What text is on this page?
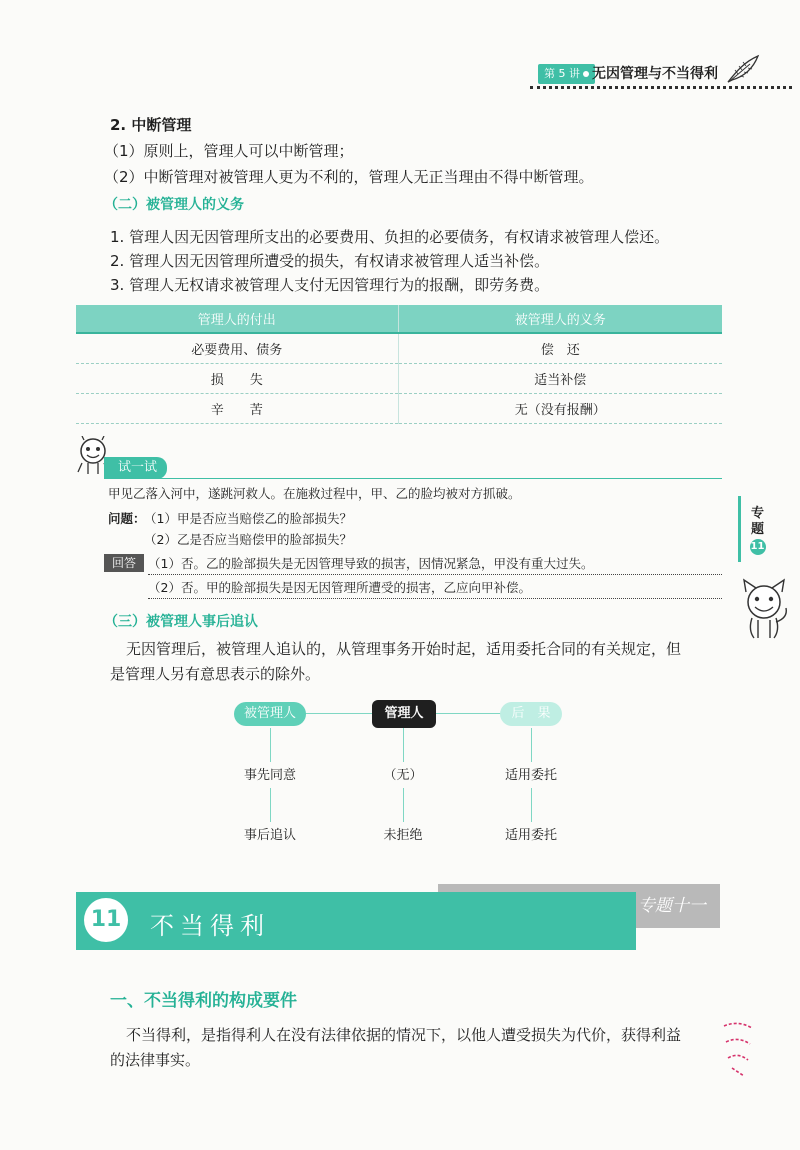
第 5 讲 无因管理与不当得利
2. 中断管理
（1）原则上，管理人可以中断管理；
（2）中断管理对被管理人更为不利的，管理人无正当理由不得中断管理。
（二）被管理人的义务
1. 管理人因无因管理所支出的必要费用、负担的必要债务，有权请求被管理人偿还。
2. 管理人因无因管理所遭受的损失，有权请求被管理人适当补偿。
3. 管理人无权请求被管理人支付无因管理行为的报酬，即劳务费。
管理人的付出	被管理人的义务
必要费用、债务	偿　还
损　　失	适当补偿
辛　　苦	无（没有报酬）
试一试
甲见乙落入河中，遂跳河救人。在施救过程中，甲、乙的脸均被对方抓破。
问题：
（1）甲是否应当赔偿乙的脸部损失？
（2）乙是否应当赔偿甲的脸部损失？
回答 （1）否。乙的脸部损失是无因管理导致的损害，因情况紧急，甲没有重大过失。
（2）否。甲的脸部损失是因无因管理所遭受的损害，乙应向甲补偿。
专题
11
（三）被管理人事后追认
无因管理后，被管理人追认的，从管理事务开始时起，适用委托合同的有关规定，但
是管理人另有意思表示的除外。
被管理人	管理人	后　果
事先同意	（无）	适用委托
事后追认	未拒绝	适用委托
专题十一
11 不当得利
一、不当得利的构成要件
不当得利，是指得利人在没有法律依据的情况下，以他人遭受损失为代价，获得利益
的法律事实。
